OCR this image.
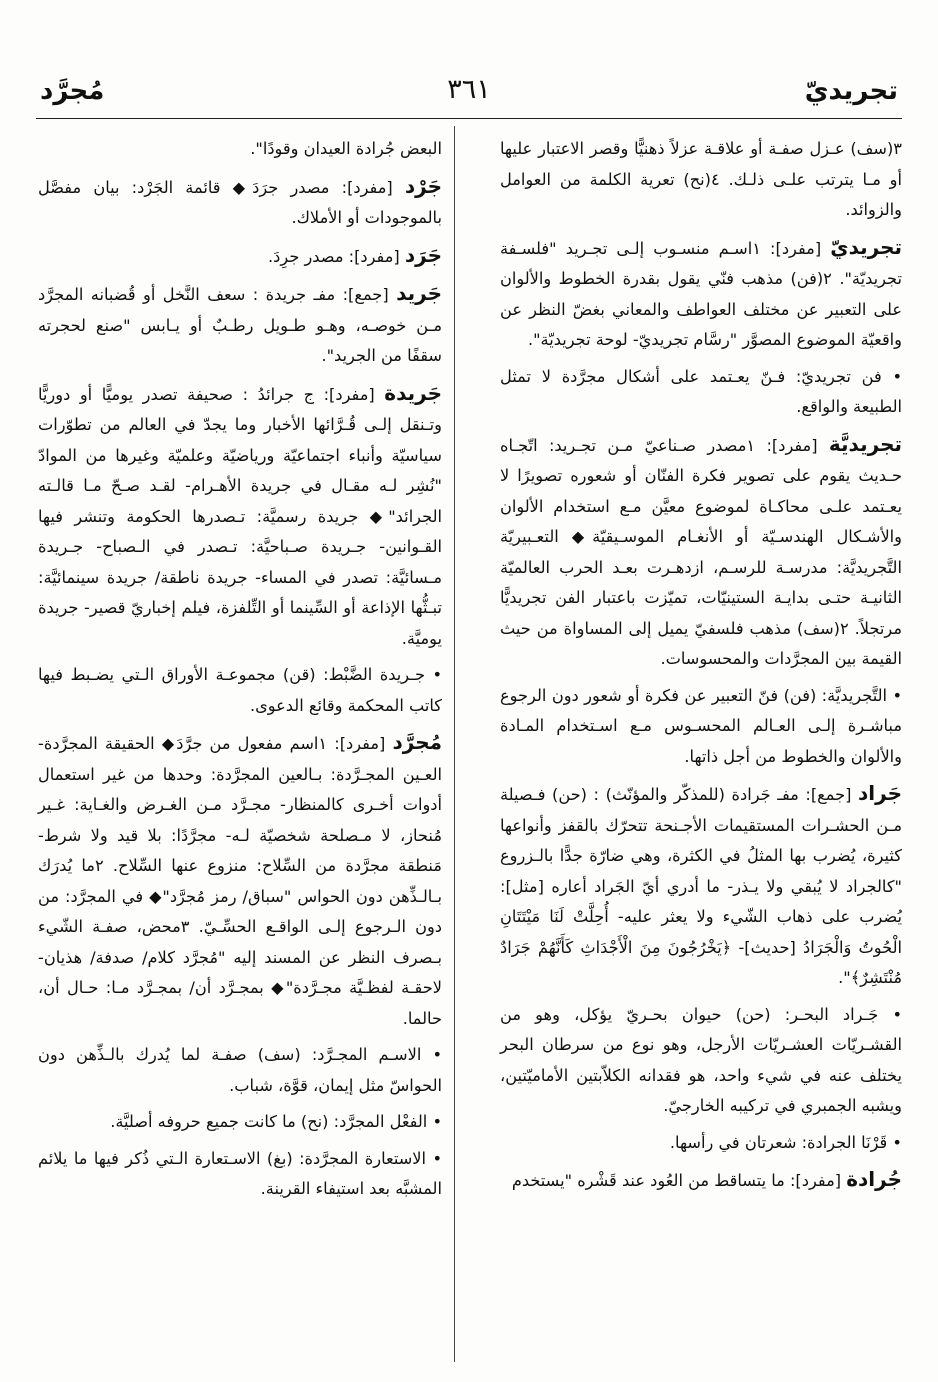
تجريديّ
٣٦١
مُجرَّد

٣(سف) عـزل صفـة أو علاقـة عزلاً ذهنيًّا وقصر الاعتبار عليها أو مـا يترتب علـى ذلـك. ٤(نح) تعرية الكلمة من العوامل والزوائد.

تجريديّ [مفرد]: ١اسـم منسـوب إلـى تجـريد "فلسـفة تجريديّة". ٢(فن) مذهب فنّي يقول بقدرة الخطوط والألوان على التعبير عن مختلف العواطف والمعاني بغضّ النظر عن واقعيّة الموضوع المصوَّر "رسَّام تجريديّ- لوحة تجريديّة".

• فن تجريديّ: فـنّ يعـتمد على أشكال مجرَّدة لا تمثل الطبيعة والواقع.

تجريديَّة [مفرد]: ١مصدر صـناعيّ مـن تجـريد: اتّجـاه حـديث يقوم على تصوير فكرة الفنّان أو شعوره تصويرًا لا يعـتمد علـى محاكـاة لموضوع معيَّن مـع استخدام الألوان والأشـكال الهندسـيّة أو الأنغـام الموسـيقيّة◆ التعـبيريّة التَّجريديَّة: مدرسـة للرسـم، ازدهـرت بعـد الحرب العالميّة الثانيـة حتـى بدايـة الستينيّات، تميّزت باعتبار الفن تجريديًّا مرتجلاً. ٢(سف) مذهب فلسفيّ يميل إلى المساواة من حيث القيمة بين المجرَّدات والمحسوسات.

• التَّجريديَّة: (فن) فنّ التعبير عن فكرة أو شعور دون الرجوع مباشـرة إلـى العـالم المحسـوس مـع اسـتخدام المـادة والألوان والخطوط من أجل ذاتها.

جَراد [جمع]: مفـ جَرادة (للمذكّر والمؤنّث) : (حن) فـصيلة مـن الحشـرات المستقيمات الأجـنحة تتحرّك بالقفز وأنواعها كثيرة، يُضرب بها المثلُ في الكثرة، وهي ضارّة جدًّا بالـزروع "كالجراد لا يُبقي ولا يـذر- ما أدري أيّ الجَراد أعاره [مثل]: يُضرب على ذهاب الشّيء ولا يعثر عليه- أُحِلَّتْ لَنَا مَيْتَتَانِ الْحُوتُ وَالْجَرَادُ [حديث]- ﴿يَخْرُجُونَ مِنَ الْأَجْدَاثِ كَأَنَّهُمْ جَرَادٌ مُنْتَشِرٌ﴾".

• جَـراد البحـر: (حن) حيوان بحـريّ يؤكل، وهو من القشـريّات العشـريّات الأرجل، وهو نوع من سرطان البحر يختلف عنه في شيء واحد، هو فقدانه الكلاّبتين الأماميّتين، ويشبه الجمبري في تركيبه الخارجيّ.

• قَرْنَا الجرادة: شعرتان في رأسها.

جُرادة [مفرد]: ما يتساقط من العُود عند قَشْره "يستخدم

البعض جُرادة العيدان وقودًا".

جَرْد [مفرد]: مصدر جرَدَ◆ قائمة الجَرْد: بيان مفصَّل بالموجودات أو الأملاك.

جَرَد [مفرد]: مصدر جرِدَ.

جَريد [جمع]: مفـ جريدة : سعف النَّخل أو قُضبانه المجرَّد مـن خوصـه، وهـو طـويل رطـبٌ أو يـابس "صنع لحجرته سقفًا من الجريد".

جَريدة [مفرد]: ج جرائدُ : صحيفة تصدر يوميًّا أو دوريًّا وتـنقل إلـى قُـرَّائها الأخبار وما يجدّ في العالم من تطوّرات سياسيّة وأنباء اجتماعيّة ورياضيّة وعلميّة وغيرها من الموادّ "نُشِر لـه مقـال في جريدة الأهـرام- لقـد صـحّ مـا قالـته الجرائد"◆ جريدة رسميَّة: تـصدرها الحكومة وتنشر فيها القـوانين- جـريدة صـباحيَّة: تـصدر في الـصباح- جـريدة مـسائيَّة: تصدر في المساء- جريدة ناطقة/ جريدة سينمائيَّة: تبـثُّها الإذاعة أو السِّينما أو التِّلفزة، فيلم إخباريّ قصير- جريدة يوميَّة.

• جـريدة الضَّبْط: (قن) مجموعـة الأوراق الـتي يضـبط فيها كاتب المحكمة وقائع الدعوى.

مُجرَّد [مفرد]: ١اسم مفعول من جرَّدَ◆ الحقيقة المجرَّدة- العـين المجـرَّدة: بـالعين المجرَّدة: وحدها من غير استعمال أدوات أخـرى كالمنظار- مجـرَّد مـن الغـرض والغـاية: غـير مُنحاز، لا مـصلحة شخصيّة لـه- مجرَّدًا: بلا قيد ولا شرط- مَنطقة مجرَّدة من السِّلاح: منزوع عنها السِّلاح. ٢ما يُدرَك بـالـذِّهن دون الحواس "سباق/ رمز مُجرَّد"◆ في المجرَّد: من دون الـرجوع إلـى الواقـع الحسِّـيّ. ٣محض، صفـة الشّيء بـصرف النظر عن المسند إليه "مُجرَّد كلام/ صدفة/ هذيان- لاحقـة لفظـيَّة مجـرَّدة"◆ بمجـرَّد أن/ بمجـرَّد مـا: حـال أن، حالما.

• الاسـم المجـرَّد: (سف) صفـة لما يُدرك بالـذِّهن دون الحواسّ مثل إيمان، قوَّة، شباب.

• الفعْل المجرَّد: (نح) ما كانت جميع حروفه أصليَّة.

• الاستعارة المجرَّدة: (بغ) الاسـتعارة الـتي ذُكر فيها ما يلائم المشبَّه بعد استيفاء القرينة.
